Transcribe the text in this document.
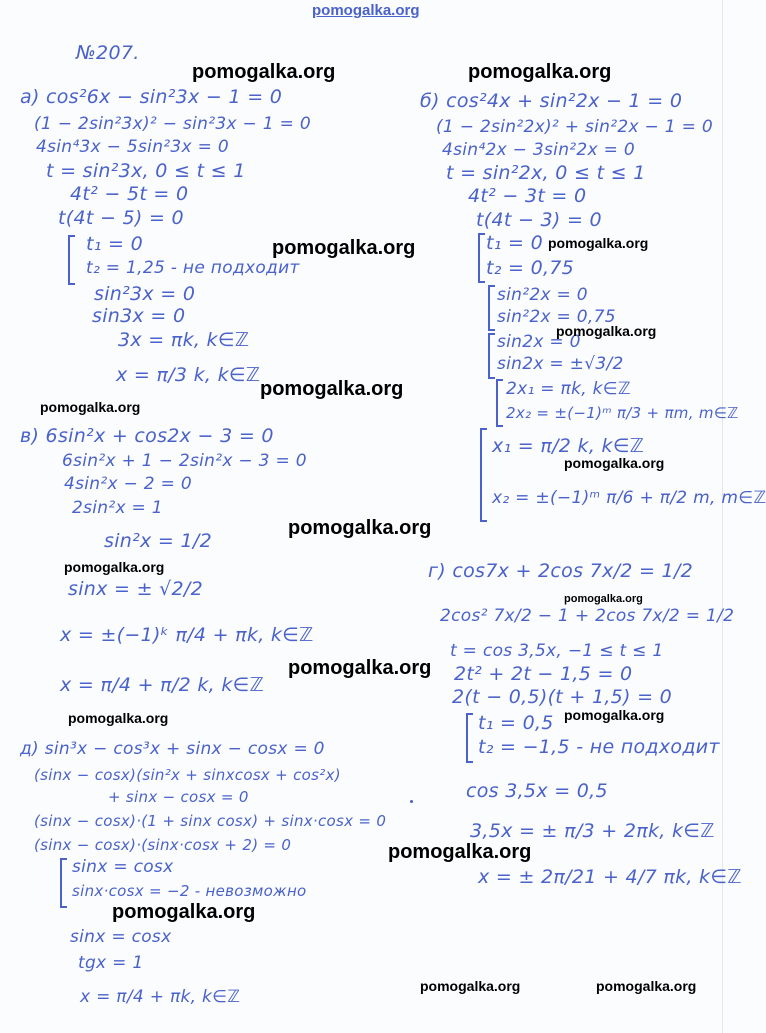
pomogalka.org
№207.
а) cos²6x − sin²3x − 1 = 0
(1 − 2sin²3x)² − sin²3x − 1 = 0
4sin⁴3x − 5sin²3x = 0
t = sin²3x, 0 ≤ t ≤ 1
4t² − 5t = 0
t(4t − 5) = 0
t₁ = 0
t₂ = 1,25 - не подходит
sin²3x = 0
sin3x = 0
3x = πk, k∈ℤ
x = π/3 k, k∈ℤ
б) cos²4x + sin²2x − 1 = 0
(1 − 2sin²2x)² + sin²2x − 1 = 0
4sin⁴2x − 3sin²2x = 0
t = sin²2x, 0 ≤ t ≤ 1
4t² − 3t = 0
t(4t − 3) = 0
t₁ = 0
t₂ = 0,75
sin²2x = 0
sin²2x = 0,75
sin2x = 0
sin2x = ±√3/2
2x₁ = πk, k∈ℤ
2x₂ = ±(−1)ᵐ π/3 + πm, m∈ℤ
x₁ = π/2 k, k∈ℤ
x₂ = ±(−1)ᵐ π/6 + π/2 m, m∈ℤ
в) 6sin²x + cos2x − 3 = 0
6sin²x + 1 − 2sin²x − 3 = 0
4sin²x − 2 = 0
2sin²x = 1
sin²x = 1/2
sinx = ± √2/2
x = ±(−1)ᵏ π/4 + πk, k∈ℤ
x = π/4 + π/2 k, k∈ℤ
г) cos7x + 2cos 7x/2 = 1/2
2cos² 7x/2 − 1 + 2cos 7x/2 = 1/2
t = cos 3,5x, −1 ≤ t ≤ 1
2t² + 2t − 1,5 = 0
2(t − 0,5)(t + 1,5) = 0
t₁ = 0,5
t₂ = −1,5 - не подходит
cos 3,5x = 0,5
3,5x = ± π/3 + 2πk, k∈ℤ
x = ± 2π/21 + 4/7 πk, k∈ℤ
д) sin³x − cos³x + sinx − cosx = 0
(sinx − cosx)(sin²x + sinxcosx + cos²x)
+ sinx − cosx = 0
(sinx − cosx)·(1 + sinx cosx) + sinx·cosx = 0
(sinx − cosx)·(sinx·cosx + 2) = 0
sinx = cosx
sinx·cosx = −2 - невозможно
sinx = cosx
tgx = 1
x = π/4 + πk, k∈ℤ
pomogalka.org	pomogalka.org
pomogalka.org	pomogalka.org
pomogalka.org
pomogalka.org
pomogalka.org
pomogalka.org
pomogalka.org
pomogalka.org
pomogalka.org
pomogalka.org
pomogalka.org
pomogalka.org
pomogalka.org
pomogalka.org
pomogalka.org	pomogalka.org
